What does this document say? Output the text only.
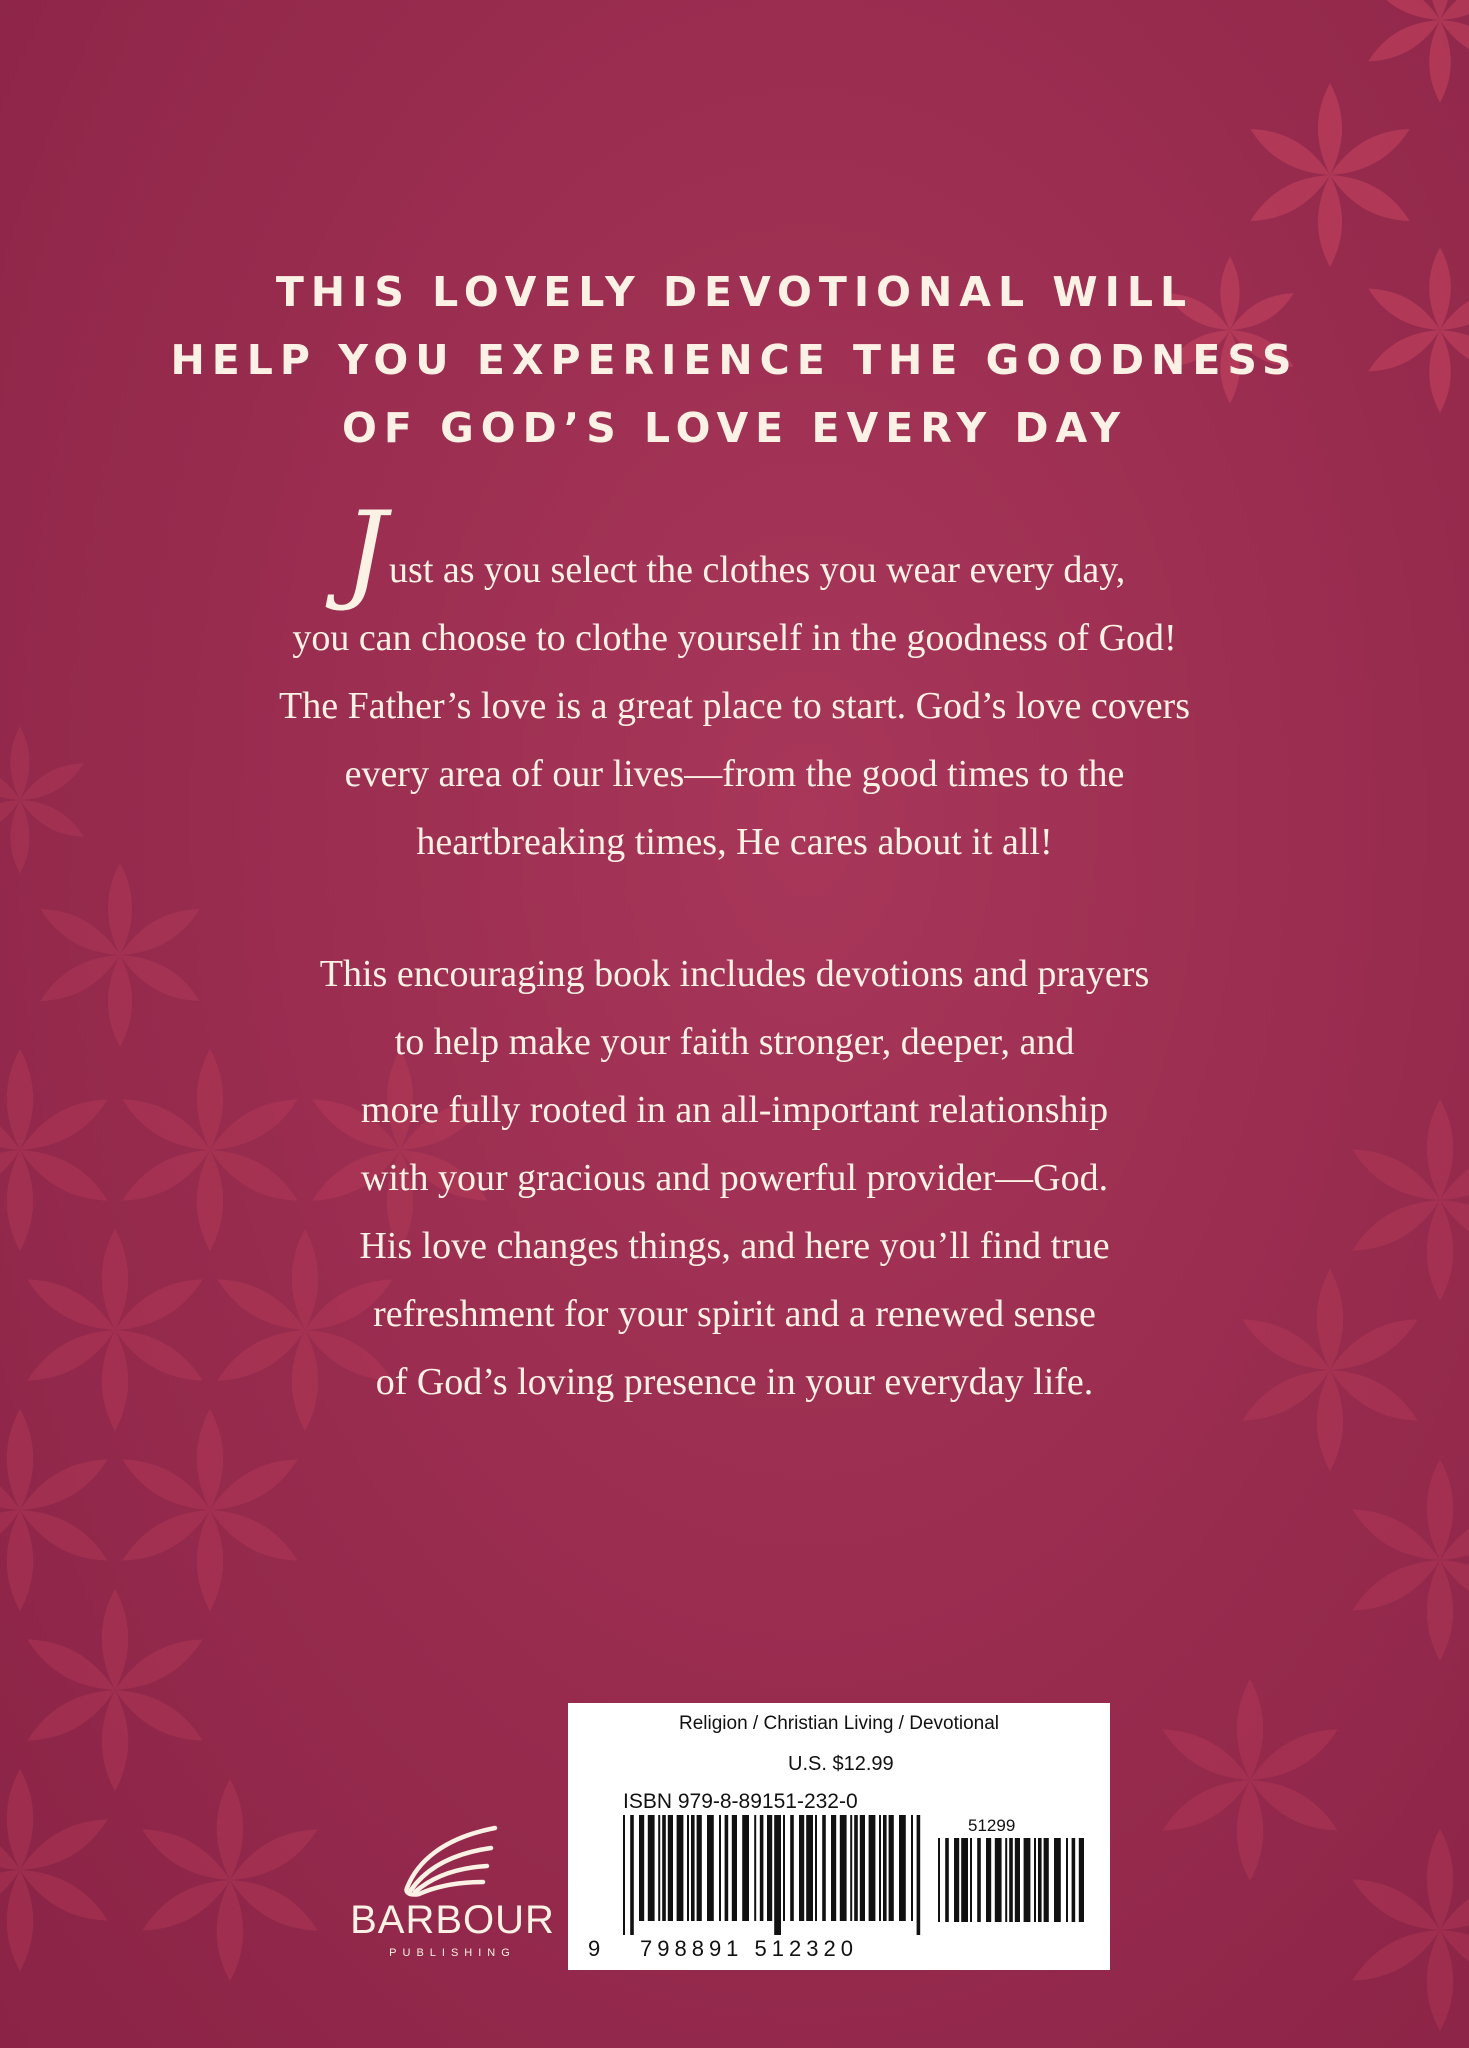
THIS LOVELY DEVOTIONAL WILL
HELP YOU EXPERIENCE THE GOODNESS
OF GOD’S LOVE EVERY DAY
Just as you select the clothes you wear every day,
you can choose to clothe yourself in the goodness of God!
The Father’s love is a great place to start. God’s love covers
every area of our lives—from the good times to the
heartbreaking times, He cares about it all!
This encouraging book includes devotions and prayers
to help make your faith stronger, deeper, and
more fully rooted in an all-important relationship
with your gracious and powerful provider—God.
His love changes things, and here you’ll find true
refreshment for your spirit and a renewed sense
of God’s loving presence in your everyday life.
BARBOUR
PUBLISHING
Religion / Christian Living / Devotional
U.S. $12.99
ISBN 979-8-89151-232-0
51299
9 798891 512320
